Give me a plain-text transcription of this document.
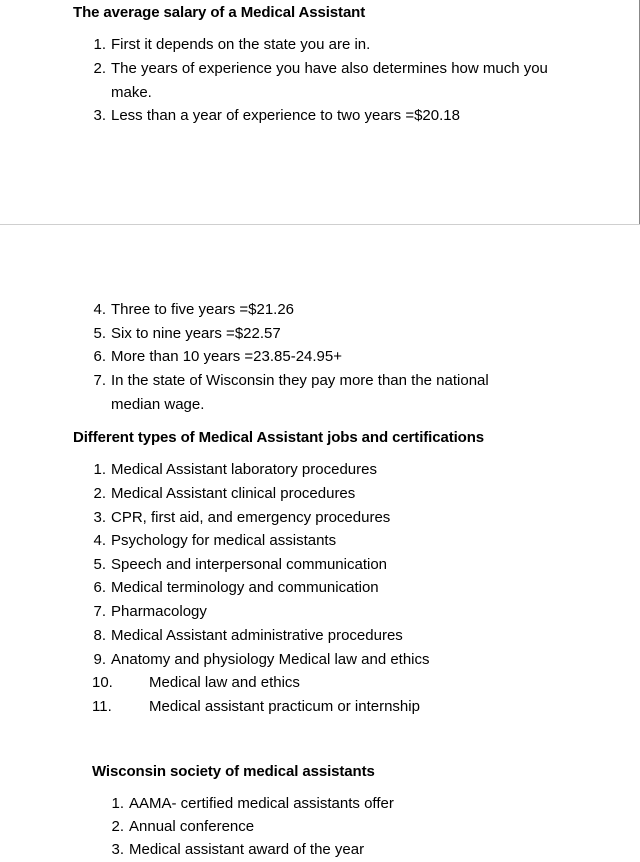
The average salary of a Medical Assistant
1. First it depends on the state you are in.
2. The years of experience you have also determines how much you make.
3. Less than a year of experience to two years =$20.18
4. Three to five years =$21.26
5. Six to nine years =$22.57
6. More than 10 years =23.85-24.95+
7. In the state of Wisconsin they pay more than the national median wage.
Different types of Medical Assistant jobs and certifications
1. Medical Assistant laboratory procedures
2. Medical Assistant clinical procedures
3. CPR, first aid, and emergency procedures
4. Psychology for medical assistants
5. Speech and interpersonal communication
6. Medical terminology and communication
7. Pharmacology
8. Medical Assistant administrative procedures
9. Anatomy and physiology Medical law and ethics
10. Medical law and ethics
11. Medical assistant practicum or internship
Wisconsin society of medical assistants
1. AAMA- certified medical assistants offer
2. Annual conference
3. Medical assistant award of the year
